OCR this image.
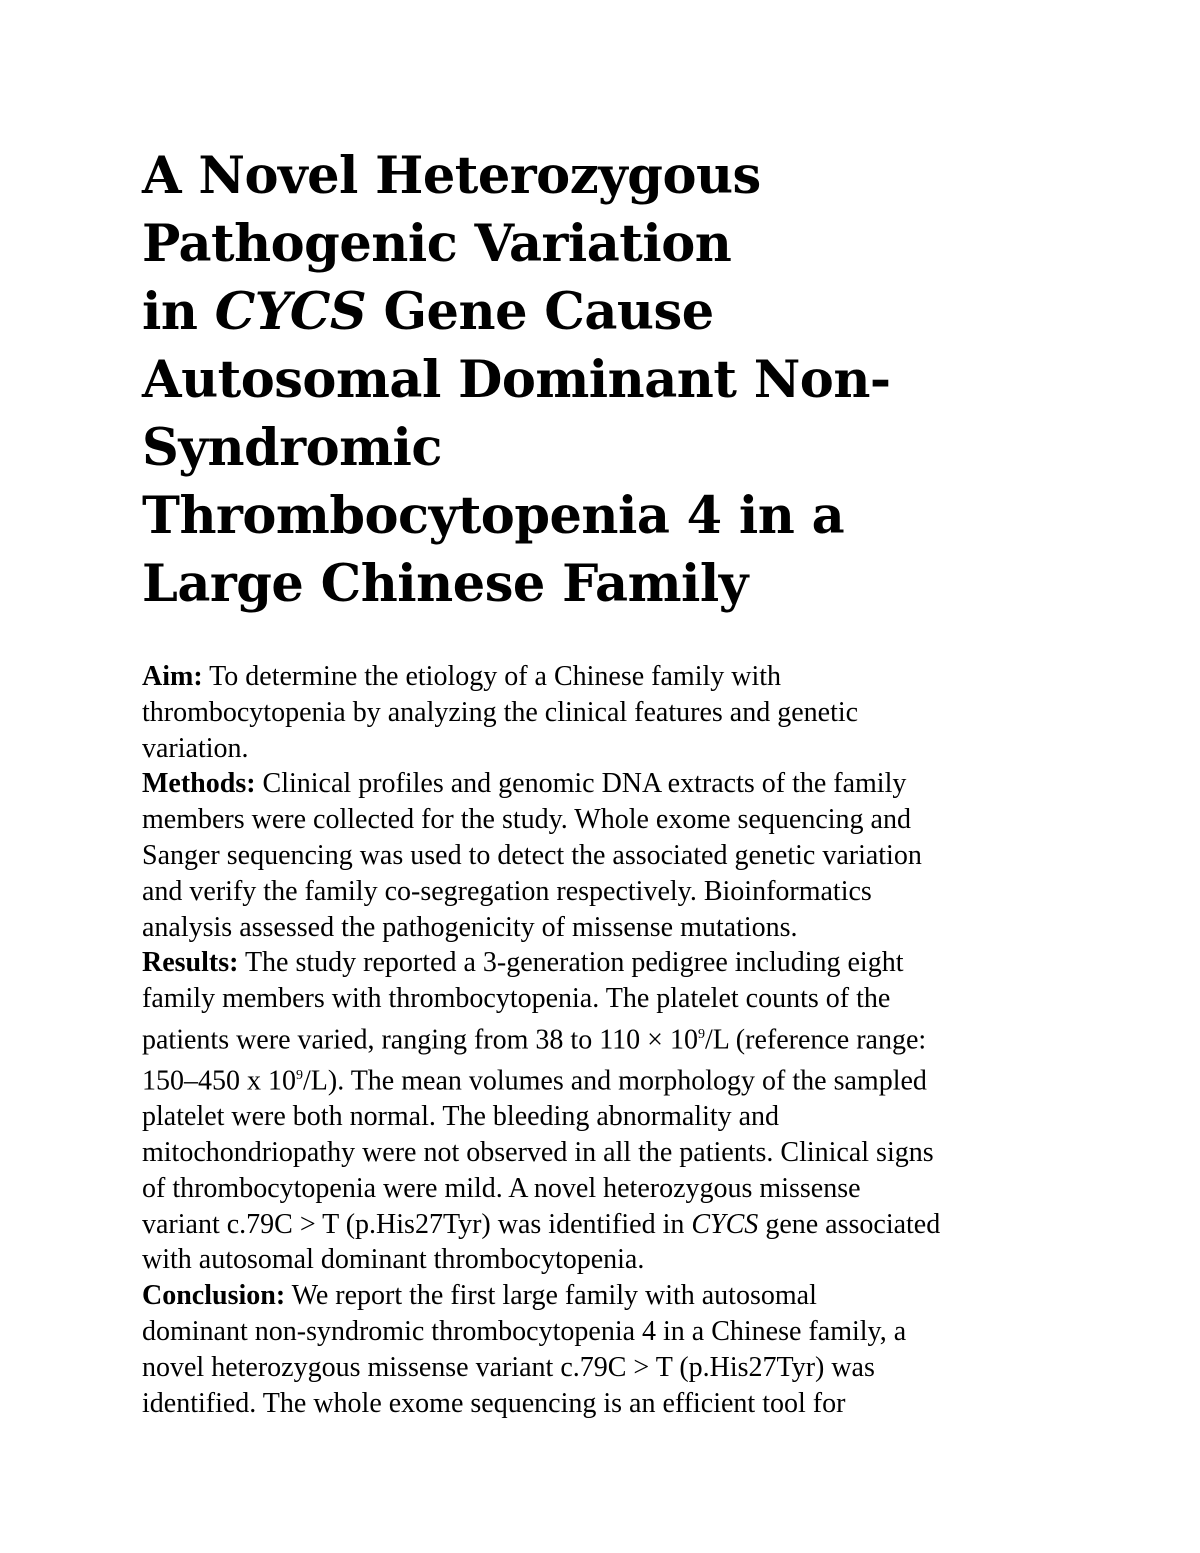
A Novel Heterozygous
Pathogenic Variation
in CYCS Gene Cause
Autosomal Dominant Non-
Syndromic
Thrombocytopenia 4 in a
Large Chinese Family
Aim: To determine the etiology of a Chinese family with
thrombocytopenia by analyzing the clinical features and genetic
variation.
Methods: Clinical profiles and genomic DNA extracts of the family
members were collected for the study. Whole exome sequencing and
Sanger sequencing was used to detect the associated genetic variation
and verify the family co-segregation respectively. Bioinformatics
analysis assessed the pathogenicity of missense mutations.
Results: The study reported a 3-generation pedigree including eight
family members with thrombocytopenia. The platelet counts of the
patients were varied, ranging from 38 to $110 \times 10^9/L$ (reference range:
150–450 x $10^9/L$). The mean volumes and morphology of the sampled
platelet were both normal. The bleeding abnormality and
mitochondriopathy were not observed in all the patients. Clinical signs
of thrombocytopenia were mild. A novel heterozygous missense
variant c.79C > T (p.His27Tyr) was identified in CYCS gene associated
with autosomal dominant thrombocytopenia.
Conclusion: We report the first large family with autosomal
dominant non-syndromic thrombocytopenia 4 in a Chinese family, a
novel heterozygous missense variant c.79C > T (p.His27Tyr) was
identified. The whole exome sequencing is an efficient tool for
